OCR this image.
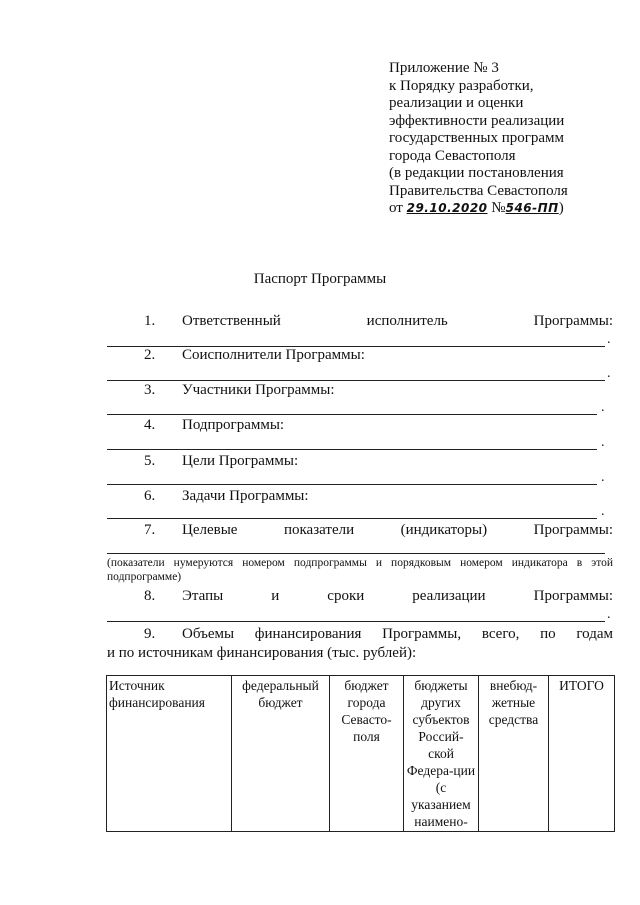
Приложение № 3
к Порядку разработки,
реализации и оценки
эффективности реализации
государственных программ
города Севастополя
(в редакции постановления
Правительства Севастополя
от 29.10.2020 №546-ПП)
Паспорт Программы
1. Ответственный	исполнитель	Программы:
.
2. Соисполнители Программы:
.
3. Участники Программы:
.
4. Подпрограммы:
.
5. Цели Программы:
.
6. Задачи Программы:
.
7. Целевые	показатели	(индикаторы)	Программы:
(показатели нумеруются номером подпрограммы и порядковым номером индикатора в этой подпрограмме)
8. Этапы	и	сроки	реализации	Программы:
.
9. Объемы финансирования Программы, всего, по годам
и по источникам финансирования (тыс. рублей):
Источник финансирования	федеральный бюджет	бюджет города Севасто-поля	бюджеты других субъектов Россий-ской Федера-ции (с указанием наимено-	внебюд-жетные средства	ИТОГО
